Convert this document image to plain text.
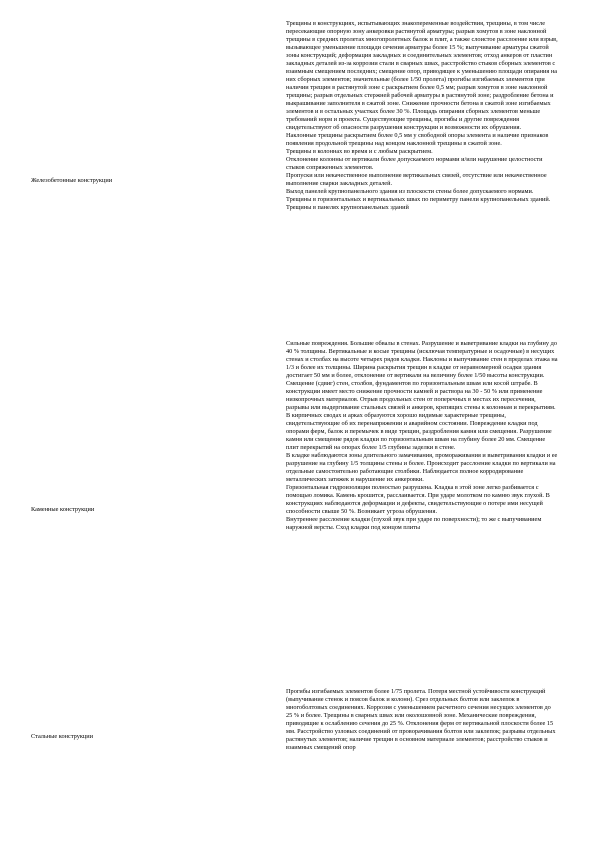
Железобетонные конструкции

Трещины в конструкциях, испытывающих знакопеременные воздействия, трещины, в том числе пересекающие опорную зону анкеровки растянутой арматуры; разрыв хомутов в зоне наклонной трещины в средних пролетах многопролетных балок и плит, а также слоистое расслоение или взрыв, вызывающее уменьшение площади сечения арматуры более 15 %; выпучивание арматуры сжатой зоны конструкций; деформация закладных и соединительных элементов; отход анкеров от пластин закладных деталей из-за коррозии стали в сварных швах, расстройство стыков сборных элементов с взаимным смещением последних; смещение опор, приводящее к уменьшению площади опирания на них сборных элементов; значительные (более 1/50 пролета) прогибы изгибаемых элементов при наличии трещин в растянутой зоне с раскрытием более 0,5 мм; разрыв хомутов в зоне наклонной трещины; разрыв отдельных стержней рабочей арматуры в растянутой зоне; раздробление бетона и выкрашивание заполнителя в сжатой зоне. Снижение прочности бетона в сжатой зоне изгибаемых элементов и в остальных участках более 30 %. Площадь опирания сборных элементов меньше требований норм и проекта. Существующие трещины, прогибы и другие повреждения свидетельствуют об опасности разрушения конструкции и возможности их обрушения.

Наклонные трещины раскрытием более 0,5 мм у свободной опоры элемента и наличие признаков появления продольной трещины над концом наклонной трещины в сжатой зоне.

Трещины в колоннах во время и с любым раскрытием.

Отклонение колонны от вертикали более допускаемого нормами и/или нарушение целостности стыков сопряженных элементов.

Пропуски или некачественное выполнение вертикальных связей, отсутствие или некачественное выполнение сварки закладных деталей.

Выход панелей крупнопанельного здания из плоскости стены более допускаемого нормами.

Трещины в горизонтальных и вертикальных швах по периметру панели крупнопанельных зданий.

Трещины в панелях крупнопанельных зданий

Каменные конструкции

Сильные повреждения. Большие обвалы в стенах. Разрушение и выветривание кладки на глубину до 40 % толщины. Вертикальные и косые трещины (исключая температурные и осадочные) в несущих стенах и столбах на высоте четырех рядов кладки. Наклоны и выпучивание стен в пределах этажа на 1/3 и более их толщины. Ширина раскрытия трещин в кладке от неравномерной осадки здания достигает 50 мм и более, отклонение от вертикали на величину более 1/50 высоты конструкции. Смещение (сдвиг) стен, столбов, фундаментов по горизонтальным швам или косой штрабе. В конструкции имеет место снижение прочности камней и раствора на 30 - 50 % или применение низкопрочных материалов. Отрыв продольных стен от поперечных в местах их пересечения, разрывы или выдергивание стальных связей и анкеров, крепящих стены к колоннам и перекрытиям. В кирпичных сводах и арках образуются хорошо видимые характерные трещины, свидетельствующие об их перенапряжении и аварийном состоянии. Повреждение кладки под опорами ферм, балок и перемычек в виде трещин, раздробления камня или смещения. Разрушение камня или смещение рядов кладки по горизонтальным швам на глубину более 20 мм. Смещение плит перекрытий на опорах более 1/5 глубины заделки в стене.

В кладке наблюдаются зоны длительного замачивания, промораживания и выветривания кладки и ее разрушение на глубину 1/5 толщины стены и более. Происходит расслоение кладки по вертикали на отдельные самостоятельно работающие столбики. Наблюдается полное корродирование металлических затяжек и нарушение их анкеровки.

Горизонтальная гидроизоляция полностью разрушена. Кладка в этой зоне легко разбивается с помощью ломика. Камень крошится, расслаивается. При ударе молотком по камню звук глухой. В конструкциях наблюдаются деформации и дефекты, свидетельствующие о потере ими несущей способности свыше 50 %. Возникает угроза обрушения.

Внутреннее расслоение кладки (глухой звук при ударе по поверхности); то же с выпучиванием наружной версты. Сход кладки под концом плиты

Стальные конструкции

Прогибы изгибаемых элементов более 1/75 пролета. Потеря местной устойчивости конструкций (выпучивание стенок и поясов балок и колонн). Срез отдельных болтов или заклепок в многоболтовых соединениях. Коррозия с уменьшением расчетного сечения несущих элементов до 25 % и более. Трещины в сварных швах или околошовной зоне. Механические повреждения, приводящие к ослаблению сечения до 25 %. Отклонения ферм от вертикальной плоскости более 15 мм. Расстройство узловых соединений от проворачивания болтов или заклепок; разрывы отдельных растянутых элементов; наличие трещин в основном материале элементов; расстройство стыков и взаимных смещений опор
